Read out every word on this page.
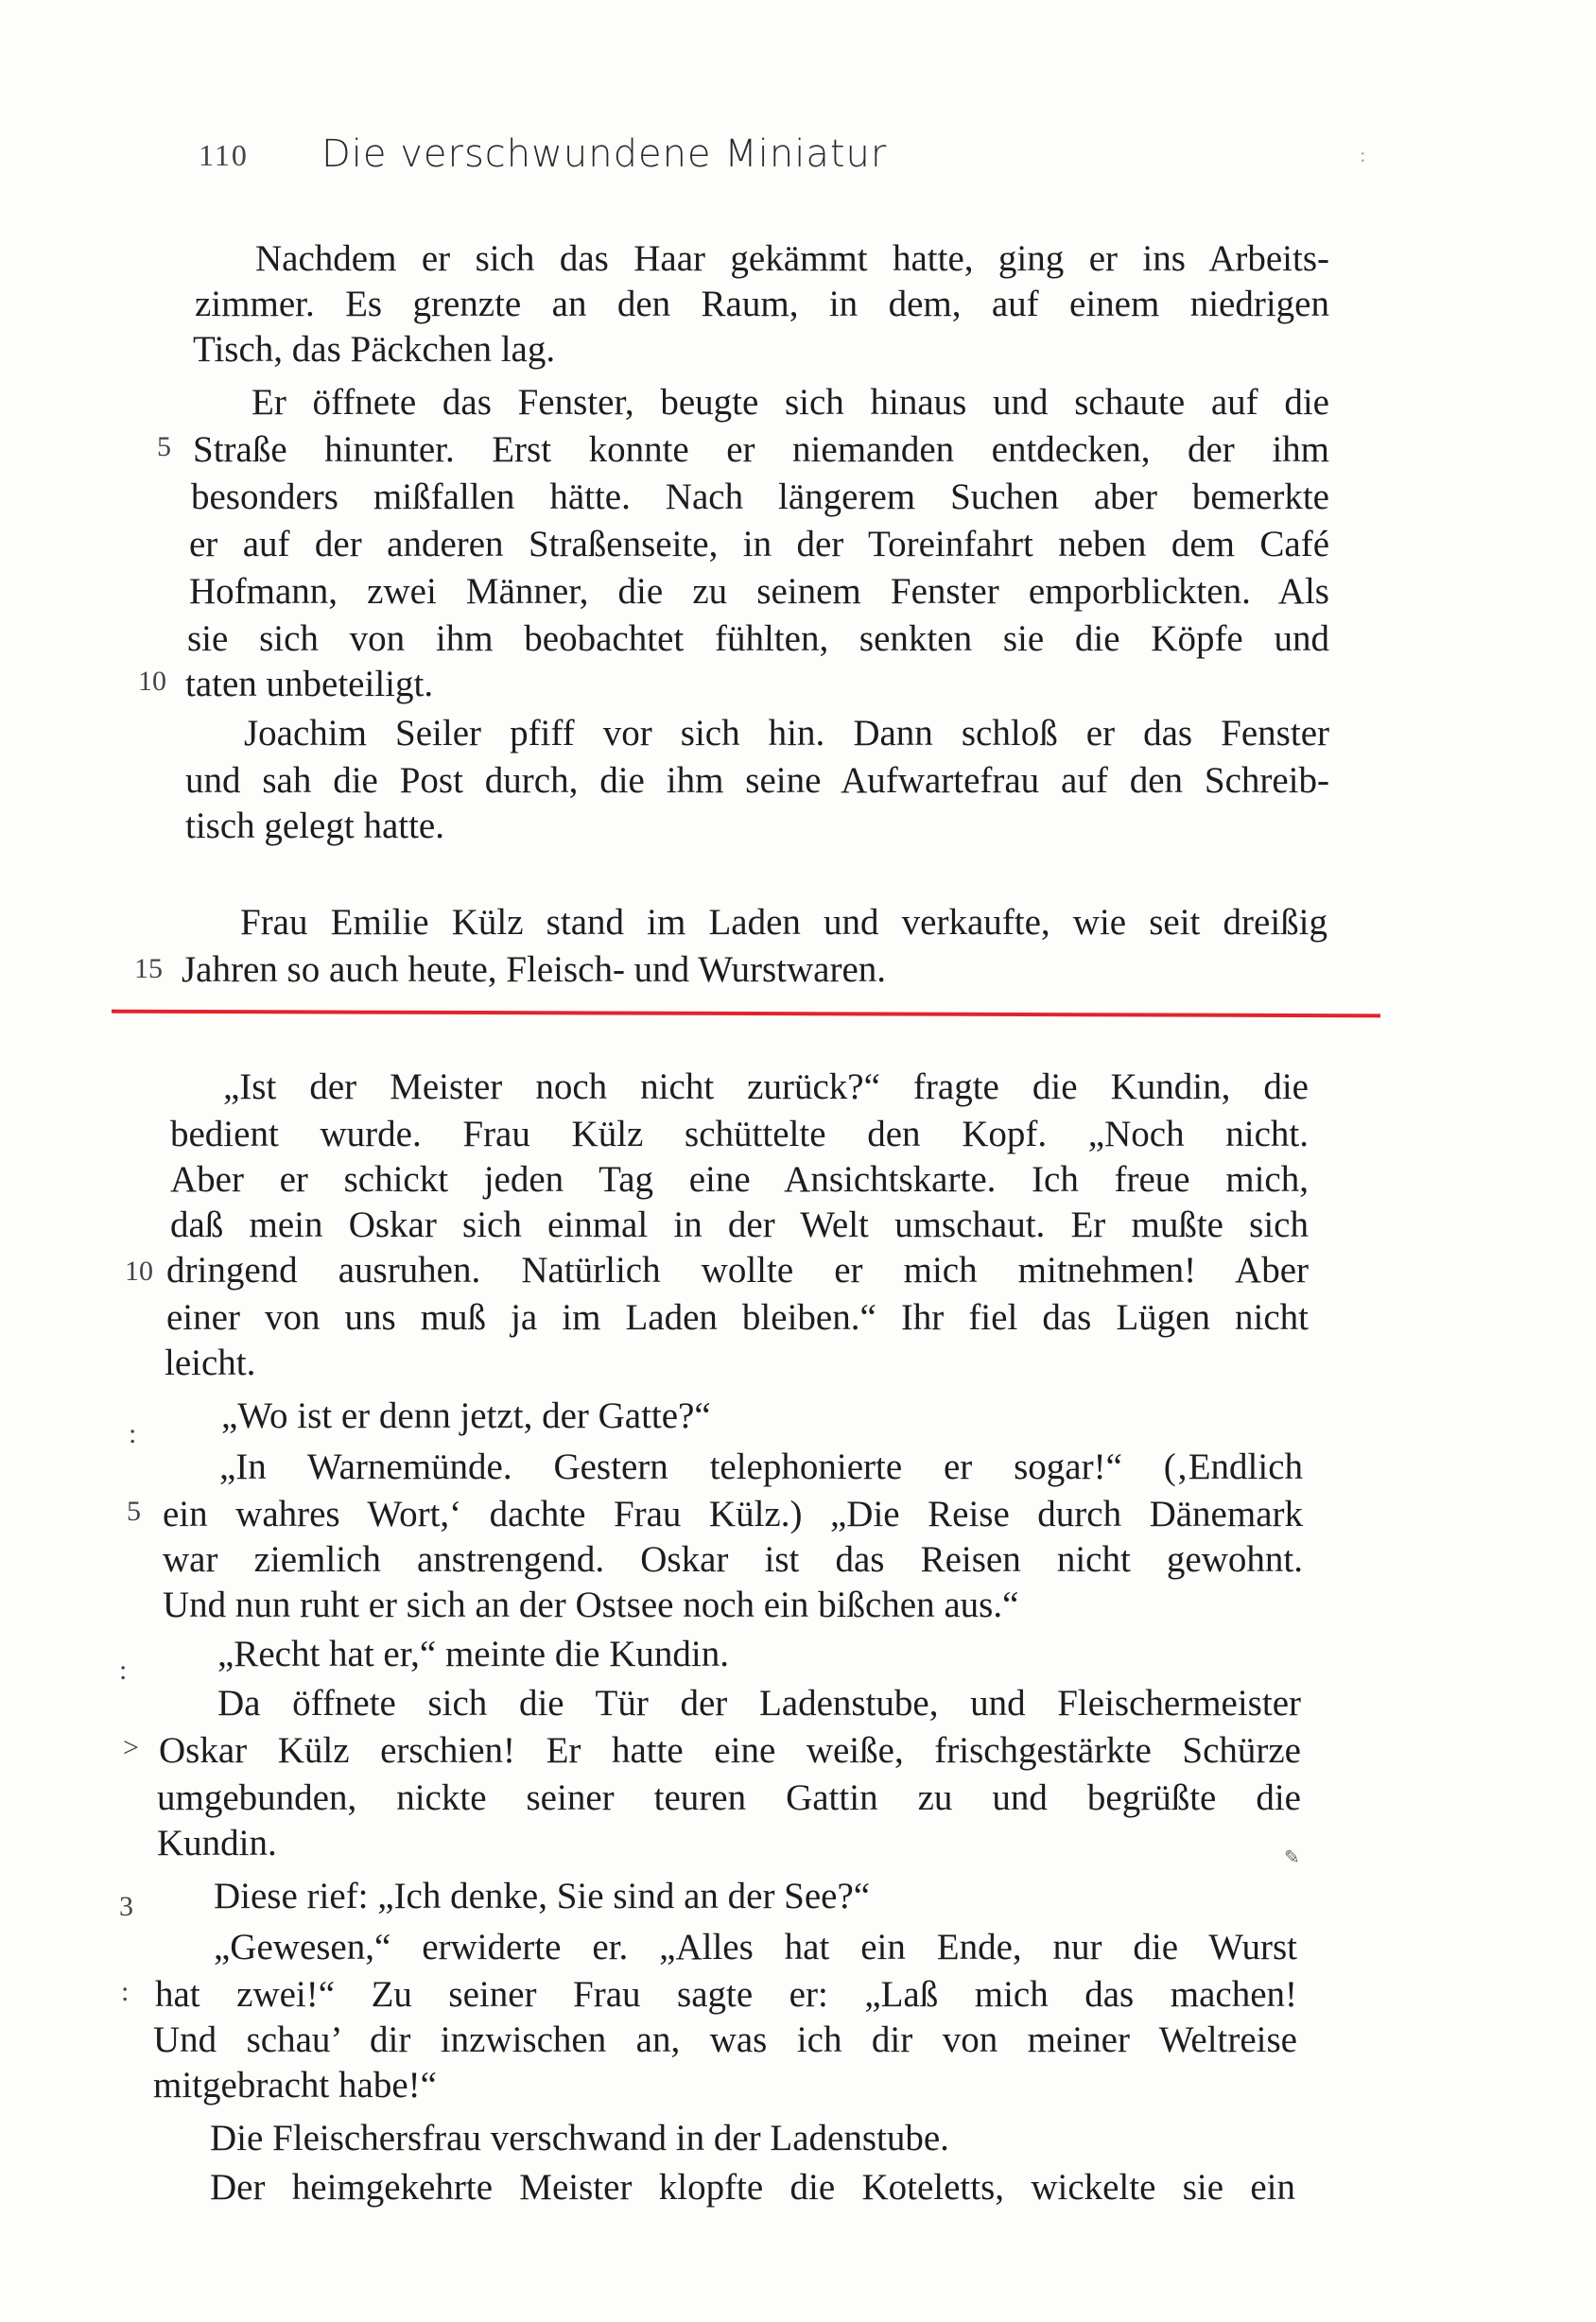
110 Die verschwundene Miniatur	:
Nachdem er sich das Haar gekämmt hatte, ging er ins Arbeits-
zimmer. Es grenzte an den Raum, in dem, auf einem niedrigen
Tisch, das Päckchen lag.
Er öffnete das Fenster, beugte sich hinaus und schaute auf die
Straße hinunter. Erst konnte er niemanden entdecken, der ihm
besonders mißfallen hätte. Nach längerem Suchen aber bemerkte
er auf der anderen Straßenseite, in der Toreinfahrt neben dem Café
Hofmann, zwei Männer, die zu seinem Fenster emporblickten. Als
sie sich von ihm beobachtet fühlten, senkten sie die Köpfe und
taten unbeteiligt.
Joachim Seiler pfiff vor sich hin. Dann schloß er das Fenster
und sah die Post durch, die ihm seine Aufwartefrau auf den Schreib-
tisch gelegt hatte.
Frau Emilie Külz stand im Laden und verkaufte, wie seit dreißig
Jahren so auch heute, Fleisch- und Wurstwaren.
5
10
15
„Ist der Meister noch nicht zurück?“ fragte die Kundin, die
bedient wurde. Frau Külz schüttelte den Kopf. „Noch nicht.
Aber er schickt jeden Tag eine Ansichtskarte. Ich freue mich,
daß mein Oskar sich einmal in der Welt umschaut. Er mußte sich
dringend ausruhen. Natürlich wollte er mich mitnehmen! Aber
einer von uns muß ja im Laden bleiben.“ Ihr fiel das Lügen nicht
leicht.
„Wo ist er denn jetzt, der Gatte?“
„In Warnemünde. Gestern telephonierte er sogar!“ (‚Endlich
ein wahres Wort,‘ dachte Frau Külz.) „Die Reise durch Dänemark
war ziemlich anstrengend. Oskar ist das Reisen nicht gewohnt.
Und nun ruht er sich an der Ostsee noch ein bißchen aus.“
„Recht hat er,“ meinte die Kundin.
Da öffnete sich die Tür der Ladenstube, und Fleischermeister
Oskar Külz erschien! Er hatte eine weiße, frischgestärkte Schürze
umgebunden, nickte seiner teuren Gattin zu und begrüßte die
Kundin.
Diese rief: „Ich denke, Sie sind an der See?“
„Gewesen,“ erwiderte er. „Alles hat ein Ende, nur die Wurst
hat zwei!“ Zu seiner Frau sagte er: „Laß mich das machen!
Und schau’ dir inzwischen an, was ich dir von meiner Weltreise
mitgebracht habe!“
Die Fleischersfrau verschwand in der Ladenstube.
Der heimgekehrte Meister klopfte die Koteletts, wickelte sie ein
10
:
5
:
>
3
:
✎
